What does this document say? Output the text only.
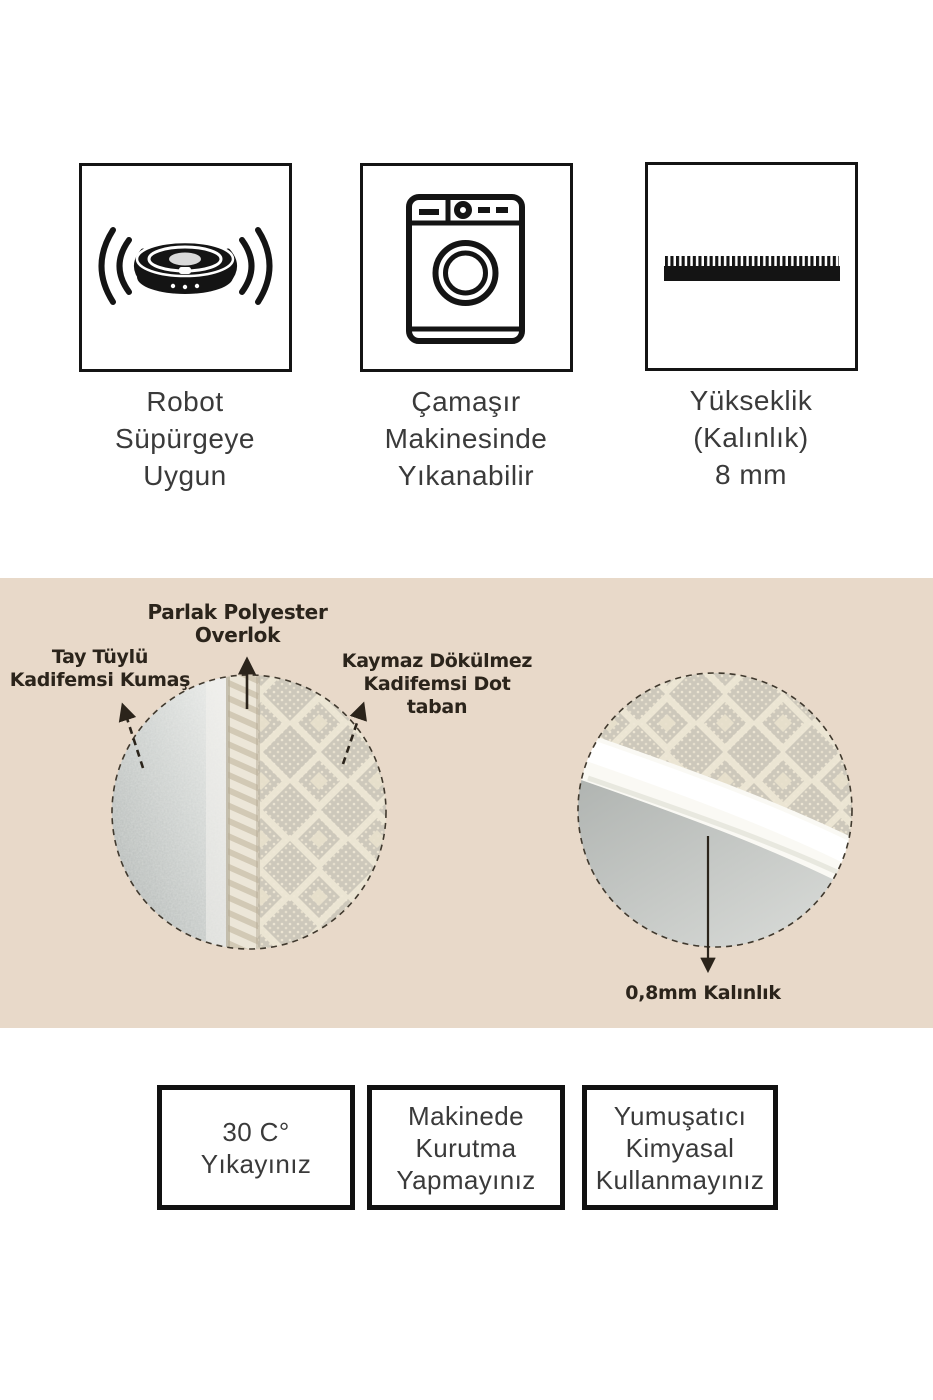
Robot
Süpürgeye
Uygun
Çamaşır
Makinesinde
Yıkanabilir
Yükseklik
(Kalınlık)
8 mm
Parlak Polyester Overlok
Tay Tüylü
Kadifemsi Kumaş
Kaymaz Dökülmez
Kadifemsi Dot taban
0,8mm Kalınlık
30 C°
Yıkayınız
Makinede
Kurutma
Yapmayınız
Yumuşatıcı
Kimyasal
Kullanmayınız
